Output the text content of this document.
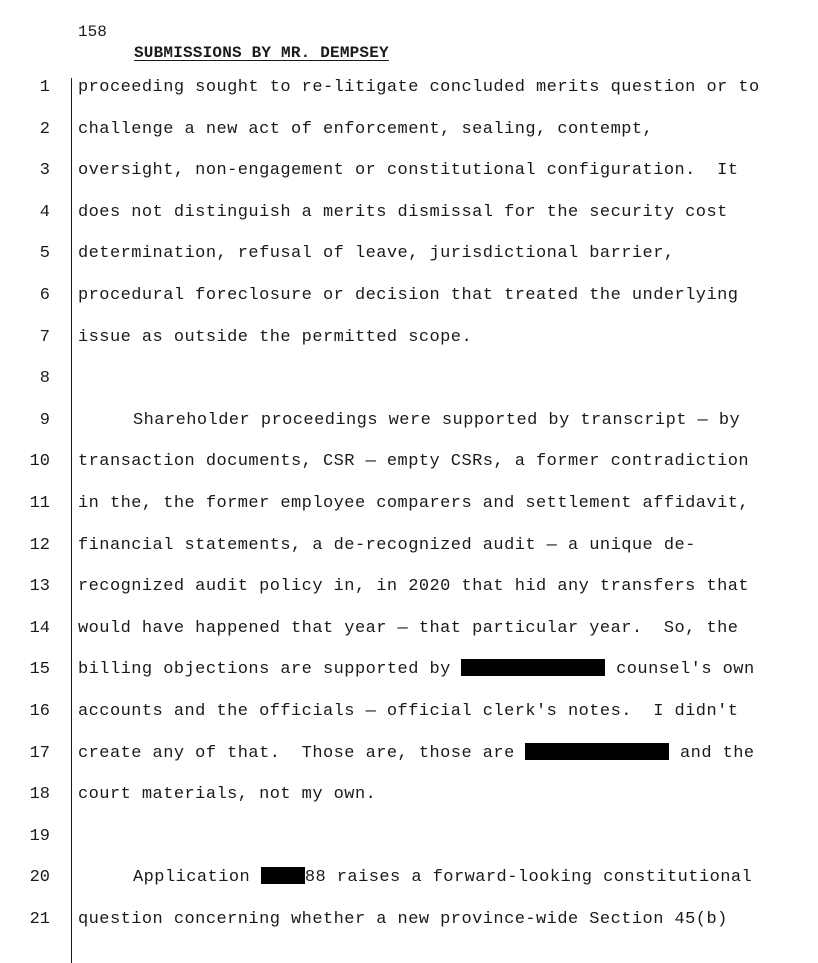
158
SUBMISSIONS BY MR. DEMPSEY
1 proceeding sought to re-litigate concluded merits question or to
2 challenge a new act of enforcement, sealing, contempt,
3 oversight, non-engagement or constitutional configuration.  It
4 does not distinguish a merits dismissal for the security cost
5 determination, refusal of leave, jurisdictional barrier,
6 procedural foreclosure or decision that treated the underlying
7 issue as outside the permitted scope.
8
9	Shareholder proceedings were supported by transcript — by
10 transaction documents, CSR — empty CSRs, a former contradiction
11 in the, the former employee comparers and settlement affidavit,
12 financial statements, a de-recognized audit — a unique de-
13 recognized audit policy in, in 2020 that hid any transfers that
14 would have happened that year — that particular year.  So, the
15 billing objections are supported by	counsel's own
16 accounts and the officials — official clerk's notes.  I didn't
17 create any of that.  Those are, those are	and the
18 court materials, not my own.
19
20	Application	88 raises a forward-looking constitutional
21 question concerning whether a new province-wide Section 45(b)
